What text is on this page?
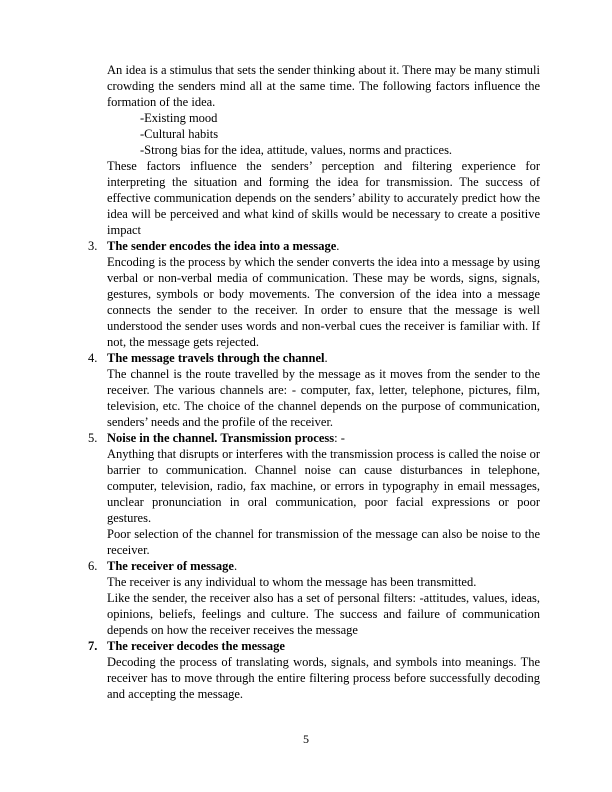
An idea is a stimulus that sets the sender thinking about it. There may be many stimuli crowding the senders mind all at the same time. The following factors influence the formation of the idea.

-Existing mood

-Cultural habits

-Strong bias for the idea, attitude, values, norms and practices.

These factors influence the senders’ perception and filtering experience for interpreting the situation and forming the idea for transmission. The success of effective communication depends on the senders’ ability to accurately predict how the idea will be perceived and what kind of skills would be necessary to create a positive impact

3. The sender encodes the idea into a message.

Encoding is the process by which the sender converts the idea into a message by using verbal or non-verbal media of communication. These may be words, signs, signals, gestures, symbols or body movements. The conversion of the idea into a message connects the sender to the receiver. In order to ensure that the message is well understood the sender uses words and non-verbal cues the receiver is familiar with. If not, the message gets rejected.

4. The message travels through the channel.

The channel is the route travelled by the message as it moves from the sender to the receiver. The various channels are: - computer, fax, letter, telephone, pictures, film, television, etc. The choice of the channel depends on the purpose of communication, senders’ needs and the profile of the receiver.

5. Noise in the channel. Transmission process: -

Anything that disrupts or interferes with the transmission process is called the noise or barrier to communication. Channel noise can cause disturbances in telephone, computer, television, radio, fax machine, or errors in typography in email messages, unclear pronunciation in oral communication, poor facial expressions or poor gestures.

Poor selection of the channel for transmission of the message can also be noise to the receiver.

6. The receiver of message.

The receiver is any individual to whom the message has been transmitted.

Like the sender, the receiver also has a set of personal filters: -attitudes, values, ideas, opinions, beliefs, feelings and culture. The success and failure of communication depends on how the receiver receives the message

7. The receiver decodes the message

Decoding the process of translating words, signals, and symbols into meanings. The receiver has to move through the entire filtering process before successfully decoding and accepting the message.

5
